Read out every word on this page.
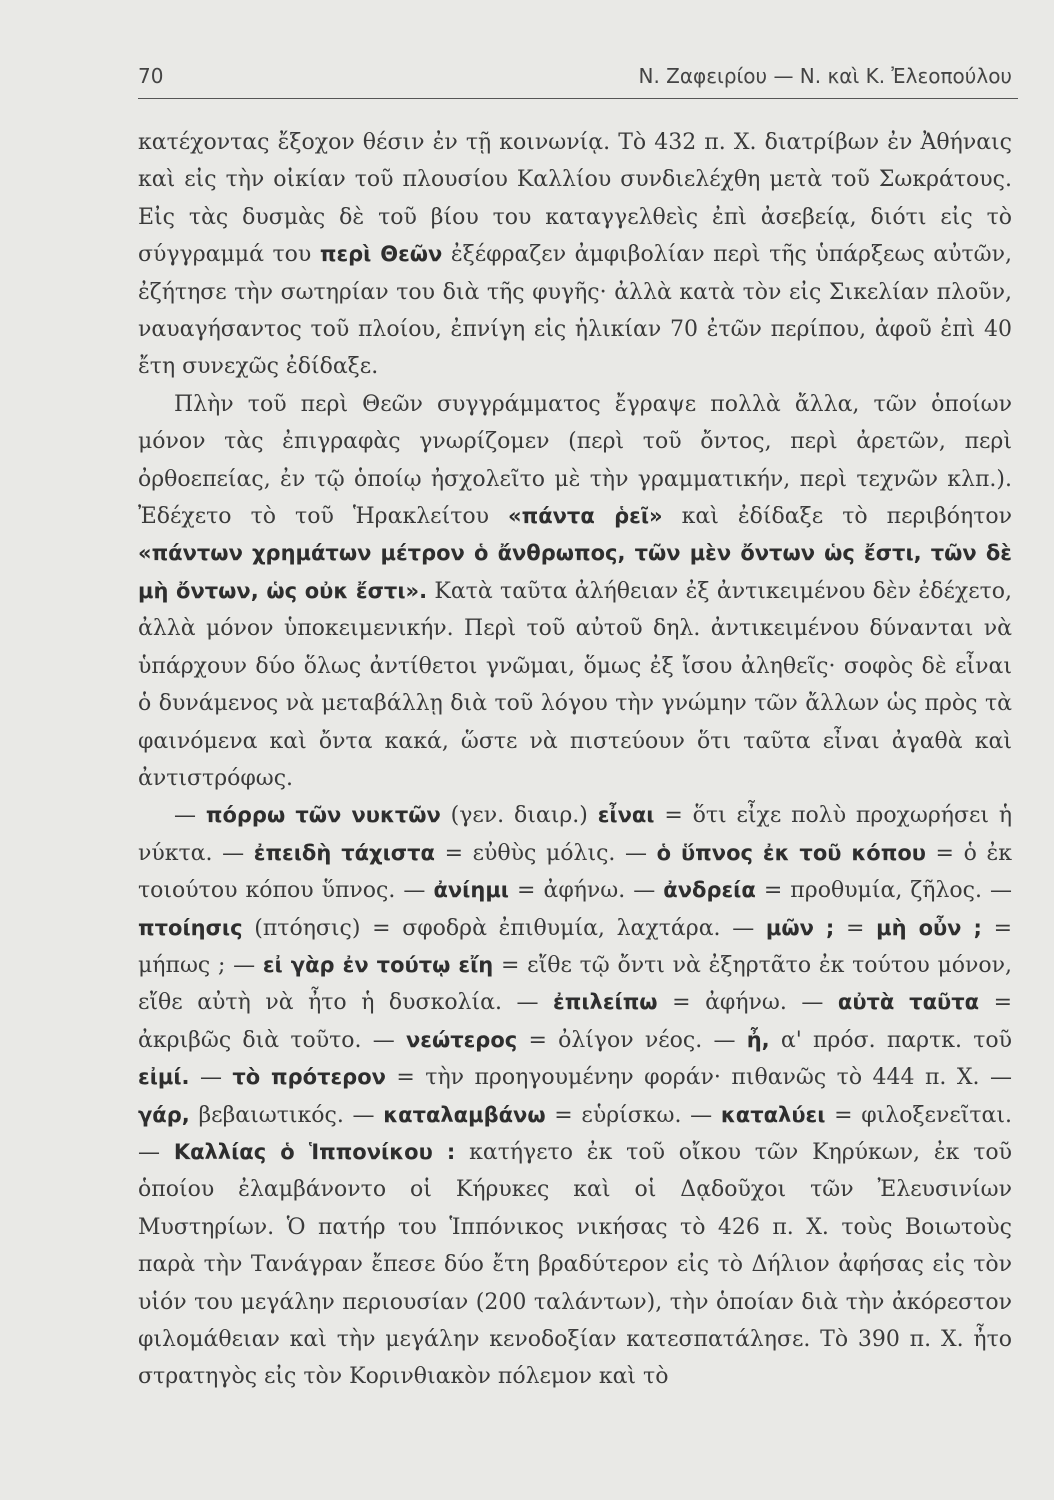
70	Ν. Ζαφειρίου — Ν. καὶ Κ. Ἐλεοπούλου

κατέχοντας ἔξοχον θέσιν ἐν τῇ κοινωνίᾳ. Τὸ 432 π. Χ. διατρίβων ἐν Ἀθήναις καὶ εἰς τὴν οἰκίαν τοῦ πλουσίου Καλλίου συνδιελέχθη μετὰ τοῦ Σωκράτους. Εἰς τὰς δυσμὰς δὲ τοῦ βίου του καταγγελθεὶς ἐπὶ ἀσεβείᾳ, διότι εἰς τὸ σύγγραμμά του περὶ Θεῶν ἐξέφραζεν ἀμφιβολίαν περὶ τῆς ὑπάρξεως αὐτῶν, ἐζήτησε τὴν σωτηρίαν του διὰ τῆς φυγῆς· ἀλλὰ κατὰ τὸν εἰς Σικελίαν πλοῦν, ναυαγήσαντος τοῦ πλοίου, ἐπνίγη εἰς ἡλικίαν 70 ἐτῶν περίπου, ἀφοῦ ἐπὶ 40 ἔτη συνεχῶς ἐδίδαξε.

Πλὴν τοῦ περὶ Θεῶν συγγράμματος ἔγραψε πολλὰ ἄλλα, τῶν ὁποίων μόνον τὰς ἐπιγραφὰς γνωρίζομεν (περὶ τοῦ ὄντος, περὶ ἀρετῶν, περὶ ὀρθοεπείας, ἐν τῷ ὁποίῳ ἠσχολεῖτο μὲ τὴν γραμματικήν, περὶ τεχνῶν κλπ.). Ἐδέχετο τὸ τοῦ Ἡρακλείτου «πάντα ῥεῖ» καὶ ἐδίδαξε τὸ περιβόητον «πάντων χρημάτων μέτρον ὁ ἄνθρωπος, τῶν μὲν ὄντων ὡς ἔστι, τῶν δὲ μὴ ὄντων, ὡς οὐκ ἔστι». Κατὰ ταῦτα ἀλήθειαν ἐξ ἀντικειμένου δὲν ἐδέχετο, ἀλλὰ μόνον ὑποκειμενικήν. Περὶ τοῦ αὐτοῦ δηλ. ἀντικειμένου δύνανται νὰ ὑπάρχουν δύο ὅλως ἀντίθετοι γνῶμαι, ὅμως ἐξ ἴσου ἀληθεῖς· σοφὸς δὲ εἶναι ὁ δυνάμενος νὰ μεταβάλλῃ διὰ τοῦ λόγου τὴν γνώμην τῶν ἄλλων ὡς πρὸς τὰ φαινόμενα καὶ ὄντα κακά, ὥστε νὰ πιστεύουν ὅτι ταῦτα εἶναι ἀγαθὰ καὶ ἀντιστρόφως.

— πόρρω τῶν νυκτῶν (γεν. διαιρ.) εἶναι = ὅτι εἶχε πολὺ προχωρήσει ἡ νύκτα. — ἐπειδὴ τάχιστα = εὐθὺς μόλις. — ὁ ὕπνος ἐκ τοῦ κόπου = ὁ ἐκ τοιούτου κόπου ὕπνος. — ἀνίημι = ἀφήνω. — ἀνδρεία = προθυμία, ζῆλος. — πτοίησις (πτόησις) = σφοδρὰ ἐπιθυμία, λαχτάρα. — μῶν ; = μὴ οὖν ; = μήπως ; — εἰ γὰρ ἐν τούτῳ εἴη = εἴθε τῷ ὄντι νὰ ἐξηρτᾶτο ἐκ τούτου μόνον, εἴθε αὐτὴ νὰ ἦτο ἡ δυσκολία. — ἐπιλείπω = ἀφήνω. — αὐτὰ ταῦτα = ἀκριβῶς διὰ τοῦτο. — νεώτερος = ὀλίγον νέος. — ἦ, α' πρόσ. παρτκ. τοῦ εἰμί. — τὸ πρότερον = τὴν προηγουμένην φοράν· πιθανῶς τὸ 444 π. Χ. — γάρ, βεβαιωτικός. — καταλαμβάνω = εὑρίσκω. — καταλύει = φιλοξενεῖται. — Καλλίας ὁ Ἱππονίκου : κατήγετο ἐκ τοῦ οἴκου τῶν Κηρύκων, ἐκ τοῦ ὁποίου ἐλαμβάνοντο οἱ Κήρυκες καὶ οἱ Δᾳδοῦχοι τῶν Ἐλευσινίων Μυστηρίων. Ὁ πατήρ του Ἱππόνικος νικήσας τὸ 426 π. Χ. τοὺς Βοιωτοὺς παρὰ τὴν Τανάγραν ἔπεσε δύο ἔτη βραδύτερον εἰς τὸ Δήλιον ἀφήσας εἰς τὸν υἱόν του μεγάλην περιουσίαν (200 ταλάντων), τὴν ὁποίαν διὰ τὴν ἀκόρεστον φιλομάθειαν καὶ τὴν μεγάλην κενοδοξίαν κατεσπατάλησε. Τὸ 390 π. Χ. ἦτο στρατηγὸς εἰς τὸν Κορινθιακὸν πόλεμον καὶ τὸ
